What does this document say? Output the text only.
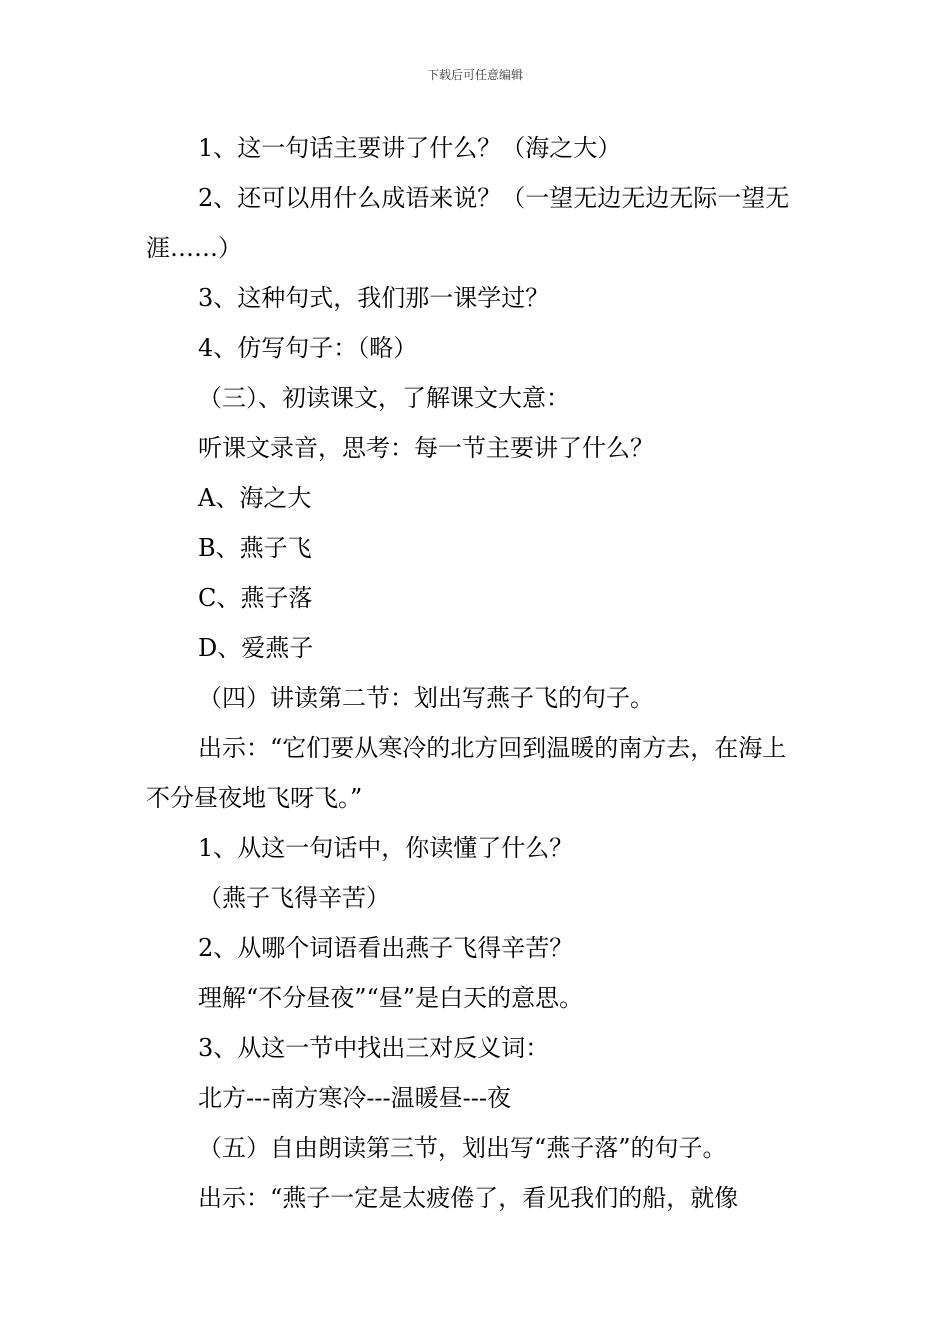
下载后可任意编辑

1、这一句话主要讲了什么？（海之大）

2、还可以用什么成语来说？（一望无边无边无际一望无涯……）

3、这种句式，我们那一课学过？

4、仿写句子：（略）

（三）、初读课文，了解课文大意：

听课文录音，思考：每一节主要讲了什么？

A、海之大

B、燕子飞

C、燕子落

D、爱燕子

（四）讲读第二节：划出写燕子飞的句子。

出示：“它们要从寒冷的北方回到温暖的南方去，在海上不分昼夜地飞呀飞。”

1、从这一句话中，你读懂了什么？

（燕子飞得辛苦）

2、从哪个词语看出燕子飞得辛苦？

理解“不分昼夜”“昼”是白天的意思。

3、从这一节中找出三对反义词：

北方---南方寒冷---温暖昼---夜

（五）自由朗读第三节，划出写“燕子落”的句子。

出示：“燕子一定是太疲倦了，看见我们的船，就像
